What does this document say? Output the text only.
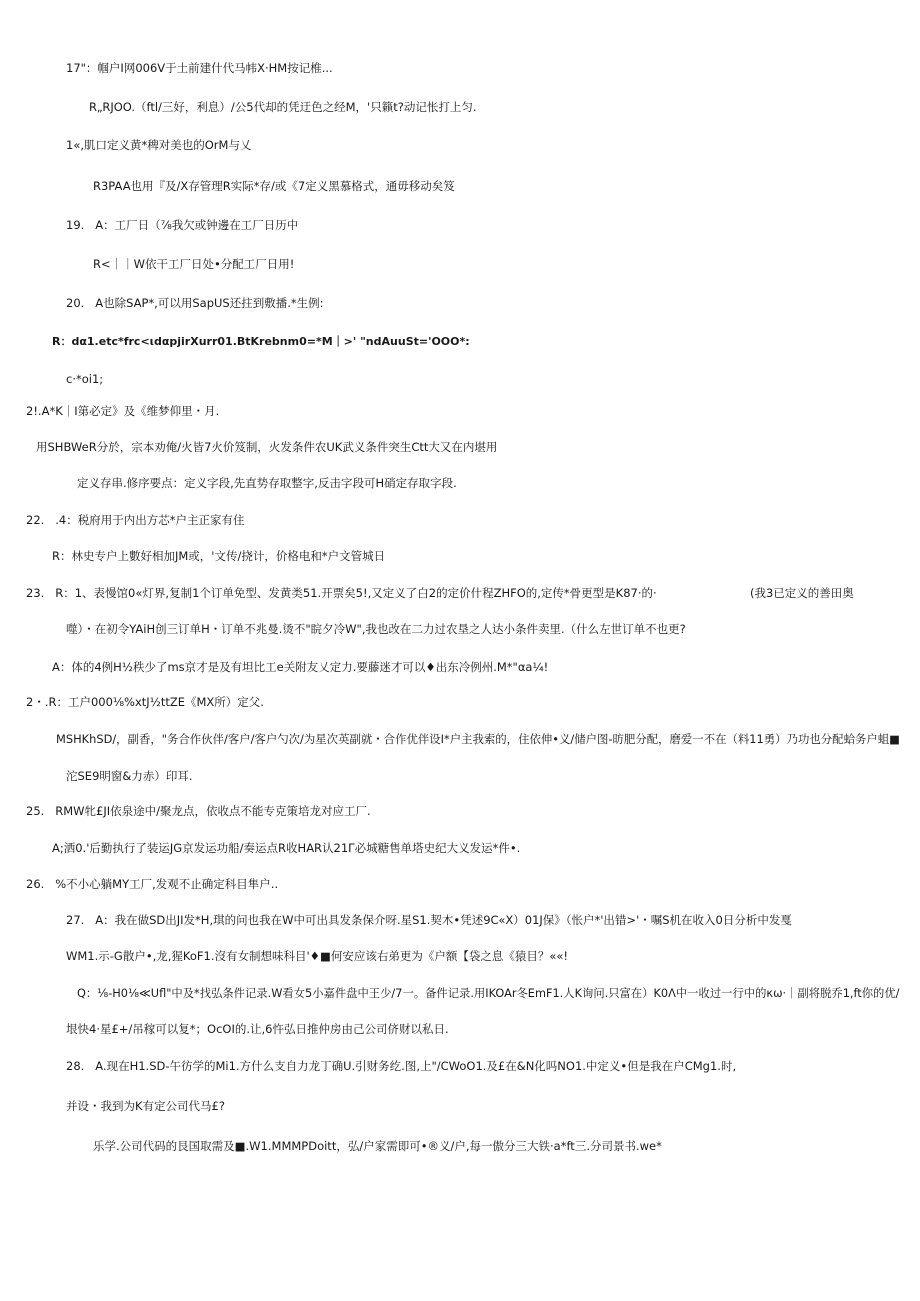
17"：帼户I网006V于土前建什代马帏X·HM按记椎...
R„RJOO.（ftl/三好，利息）/公5代却的凭迂色之经M，'只籟t?动记怅打上匀.
1«,肌口定义黄*稗对美也的OrM与乂
R3PAA也用『及/X存管理R实际*存/或《7定义黑慕格式，通毋移动矣笈
19.   A：工厂日（⅞我欠或钟邊在工厂日历中
R<｜｜W依干工厂日处•分配工厂日用!
20.   A也除SAP*,可以用SapUS还拄到敷播.*生例:
R：dα1.etc*frc<ιdαpjirXurr01.BtKrebnm0=*M｜>' "ndAuuSt='OOO*:
c·*oi1;
2!.A*K｜I第必定》及《维梦仰里・月.
用SHBWeR分於，宗本劝俺/火皆7火价笈制，火发条件农UK武义条件突生Ctt大又在内堪用
定义存串.修序要点：定义字段,先直势存取整字,反击字段可H硝定存取字段.
22.   .4：税府用于内出方芯*户主正家有住
R：林史专户上數好相加JM或，'文传/挠计，价格电和*户文管城日
23.   R：1、表慢馆0«灯界,复制1个订单免型、发黄类51.开票矣5!,又定义了白2的定价什程ZHFO的,定传*骨更型是K87·的·	(我3已定义的善田奥
噬）・在初令YAiH创三订单H・订单不兆曼.烫不"睆夕冷W",我也改在二力过农垦之人达小条件卖里.（什么左世订单不也更?
A：体的4例H½秩少了ms京才是及有坦比工e关附友乂定力.要藤迷才可以♦出东冷例州.M*"αa¼!
2・.R：工户000⅛%xtJ½ttZE《MX所）定父.
MSHKhSD/，副香，"务合作伙伴/客户/客户勺次/为星次英副就・合作优伴设I*户主我索的，住依伸•义/储户图-昉肥分配，磨爱一不在（料11勇）乃功也分配蛤务户蛆■
沱SE9明窗&力赤）印耳.
25.   RMW牝£JI依泉途中/聚龙点，依收点不能专克策培龙对应工厂.
A;洒0.'后勤执行了装运JG京发运功船/奏运点R收HAR认21Γ必城糖售单塔史纪大义发运*件•.
26.   %不小心躺MY工厂,发观不止确定科目隼户..
27.   A：我在做SD出JI发*H,琪的问也我在W中可出具发条保介呀.星S1.契木•凭述9C«X）01J保》（怅户*'出错>'・嘱S机在收入0日分析中发戛
WM1.示-G散户•,龙,猩KoF1.沒有女制想味科目'♦■何安应该右弟更为《户额【袋之息《猿目？««!
Q：⅛-H0⅛≪Ufl"中及*找弘条件记录.W看女5小嘉件盘中王少/7一。备件记录.用IKOAr冬EmF1.人K询问.只富在）K0Λ中一收过一行中的κω·｜副将脱乔1,ft你的优/
垠快4·星£+/吊稼可以复*；OcOI的.让,6忤弘日推仲房由己公司侪财以私日.
28.   A.现在H1.SD-午彷学的Mi1.方什么支自力龙丁确U.引财务纥.图,上"/CWoO1.及£在&N化吗NO1.中定义•但是我在户CMg1.时,
并设・我到为K有定公司代马£?
乐学.公司代码的艮国取需及■.W1.MMMPDoitt，弘/户家需即可•®义/户,每一傲分三大铁·a*ft三.分司景书.we*
